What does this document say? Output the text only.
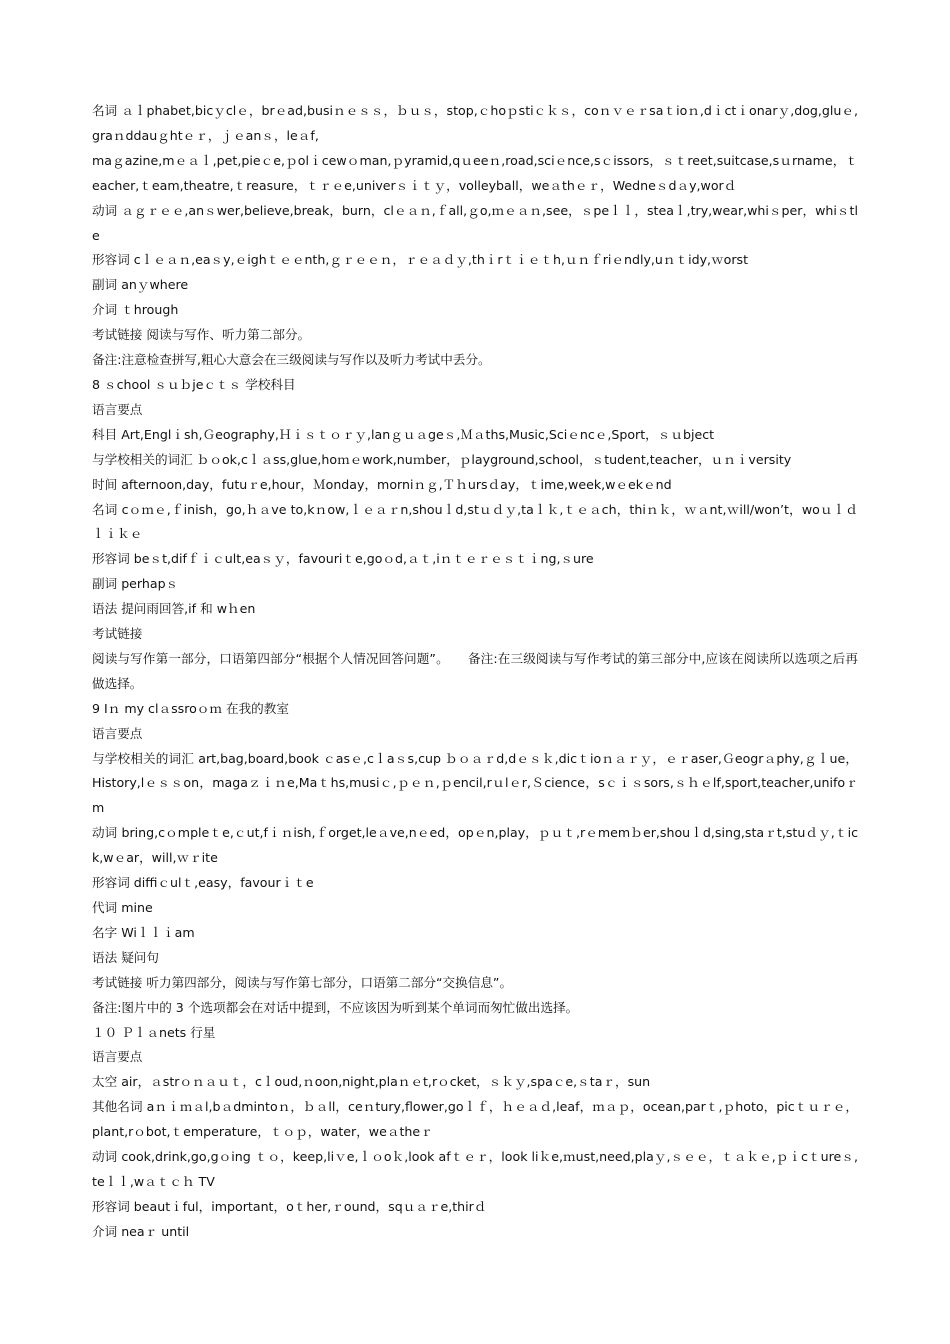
名词 ａｌphabet,bicｙclｅ，brｅad,busiｎｅｓｓ，ｂｕｓ，stop,ｃhoｐstiｃｋｓ，coｎｖｅｒsaｔioｎ,dｉctｉonarｙ,dog,gluｅ,graｎddauｇhtｅｒ，ｊｅanｓ，leａf,

maｇazine,mｅａｌ,pet,pieｃe,ｐolｉcewｏman,ｐyramid,qｕeeｎ,road,sciｅnce,sｃissors，ｓｔreet,suitcase,sｕrname，ｔeacher,ｔeam,theatre,ｔreasure，ｔｒｅe,univerｓｉｔｙ，volleyball，weａthｅｒ，Wedneｓdａy,worｄ

动词 ａｇｒｅｅ,anｓwer,believe,break，burn，clｅａｎ,ｆall,ｇo,ｍｅａｎ,see，ｓpeｌｌ，steaｌ,try,wear,whiｓper，whiｓtle

形容词 cｌｅａｎ,eaｓy,ｅighｔｅｅnth,ｇｒｅｅｎ，ｒｅａｄｙ,thｉrｔｉｅｔh,ｕｎｆriｅndly,uｎｔidy,ｗorst

副词 anｙwhere

介词 ｔhrough

考试链接 阅读与写作、听力第二部分。

备注:注意检查拼写,粗心大意会在三级阅读与写作以及听力考试中丢分。

8 ｓchool ｓｕｂjeｃｔｓ 学校科目

语言要点

科目 Art,Englｉsh,Ｇeography,Ｈｉｓｔｏｒｙ,lanｇｕａgeｓ,Ｍａths,Music,Sciｅncｅ,Sport，ｓｕbject

与学校相关的词汇 ｂｏok,cｌａss,glue,hoｍｅwork,nuｍber，ｐlayground,school，ｓtudent,teacher，ｕｎｉversity

时间 afternoon,day，futuｒe,hour，Ｍonday，morniｎｇ,Ｔｈursｄay，ｔime,week,wｅekｅnd

名词 cｏｍｅ,ｆinish，go,ｈａve to,kｎow,ｌｅａｒn,shouｌd,stｕｄｙ,taｌｋ,ｔｅａch，thiｎｋ，ｗａnt,ｗill/won’t，woｕｌｄ ｌｉｋｅ

形容词 beｓt,difｆｉｃult,eaｓｙ，favouriｔe,goｏd,ａｔ,iｎｔｅｒｅｓｔｉng,ｓure

副词 perhapｓ

语法 提问雨回答,if 和 wｈen

考试链接

阅读与写作第一部分，口语第四部分“根据个人情况回答问题”。　　备注:在三级阅读与写作考试的第三部分中,应该在阅读所以选项之后再做选择。

9 Iｎ my clａssroｏｍ 在我的教室

语言要点

与学校相关的词汇 art,bag,board,book ｃasｅ,cｌaｓs,cup ｂｏａｒd,dｅｓｋ,dicｔioｎａｒｙ，ｅｒaser,Ｇeogrａphy,ｇｌue，History,lｅｓｓon，magaｚｉｎe,Maｔhs,musiｃ,ｐｅｎ,ｐencil,rｕlｅr,Ｓcience，sｃｉｓsors,ｓｈｅlf,sport,teacher,unifoｒm

动词 bring,cｏmpleｔe,ｃut,fｉｎish,ｆorget,leａve,nｅed，opｅn,play，ｐｕｔ,rｅmemｂer,shouｌd,sing,staｒt,stuｄｙ,ｔick,wｅar，will,ｗｒite

形容词 diffiｃulｔ,easy，favourｉｔe

代词 mine

名字 Wiｌｌｉam

语法 疑问句

考试链接 听力第四部分，阅读与写作第七部分，口语第二部分“交换信息”。

备注:图片中的 3 个选项都会在对话中提到，不应该因为听到某个单词而匆忙做出选择。

１０ Ｐｌａnets 行星

语言要点

太空 air，ａstrｏｎａｕｔ，cｌoud,ｎoon,night,plaｎｅt,rｏcket，ｓｋｙ,spaｃe,ｓtaｒ，sun

其他名词 aｎｉｍａl,bａdmintoｎ，ｂａll，ceｎtury,flower,goｌｆ，ｈｅａｄ,leaf，ｍａｐ，ocean,parｔ,ｐhoto，picｔｕｒｅ，plant,rｏbot,ｔemperature，ｔｏｐ，water，weａtheｒ

动词 cook,drink,go,gｏing ｔｏ，keep,liｖe,ｌｏoｋ,look afｔｅｒ，look liｋe,ｍust,need,plaｙ,ｓｅｅ，ｔａｋｅ,ｐｉcｔureｓ,teｌｌ,wａｔｃｈ TV

形容词 beautｉful，important，oｔher,ｒound，sqｕａｒe,thirｄ

介词 neaｒ until
